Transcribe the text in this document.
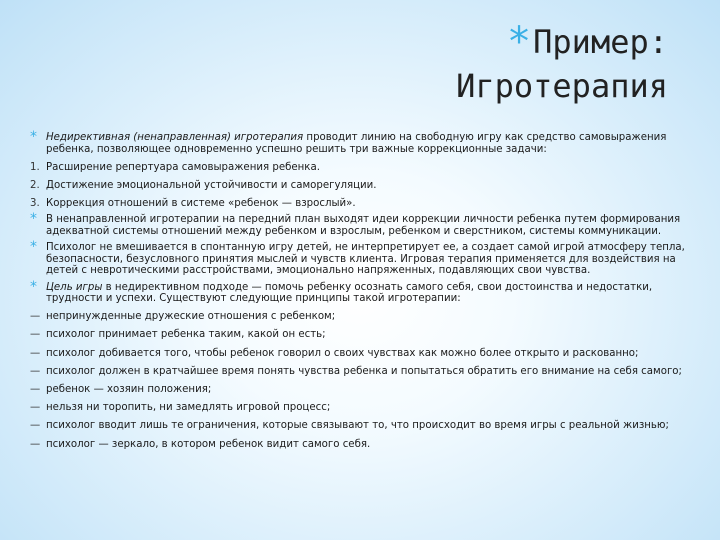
*Пример:
Игротерапия
* Недирективная (ненаправленная) игротерапия проводит линию на свободную игру как средство самовыражения ребенка, позволяющее одновременно успешно решить три важные коррекционные задачи:
1. Расширение репертуара самовыражения ребенка.
2. Достижение эмоциональной устойчивости и саморегуляции.
3. Коррекция отношений в системе «ребенок — взрослый».
* В ненаправленной игротерапии на передний план выходят идеи коррекции личности ребенка путем формирования адекватной системы отношений между ребенком и взрослым, ребенком и сверстником, системы коммуникации.
* Психолог не вмешивается в спонтанную игру детей, не интерпретирует ее, а создает самой игрой атмосферу тепла, безопасности, безусловного принятия мыслей и чувств клиента. Игровая терапия применяется для воздействия на детей с невротическими расстройствами, эмоционально напряженных, подавляющих свои чувства.
* Цель игры в недирективном подходе — помочь ребенку осознать самого себя, свои достоинства и недостатки, трудности и успехи. Существуют следующие принципы такой игротерапии:
— непринужденные дружеские отношения с ребенком;
— психолог принимает ребенка таким, какой он есть;
— психолог добивается того, чтобы ребенок говорил о своих чувствах как можно более открыто и раскованно;
— психолог должен в кратчайшее время понять чувства ребенка и попытаться обратить его внимание на себя самого;
— ребенок — хозяин положения;
— нельзя ни торопить, ни замедлять игровой процесс;
— психолог вводит лишь те ограничения, которые связывают то, что происходит во время игры с реальной жизнью;
— психолог — зеркало, в котором ребенок видит самого себя.
